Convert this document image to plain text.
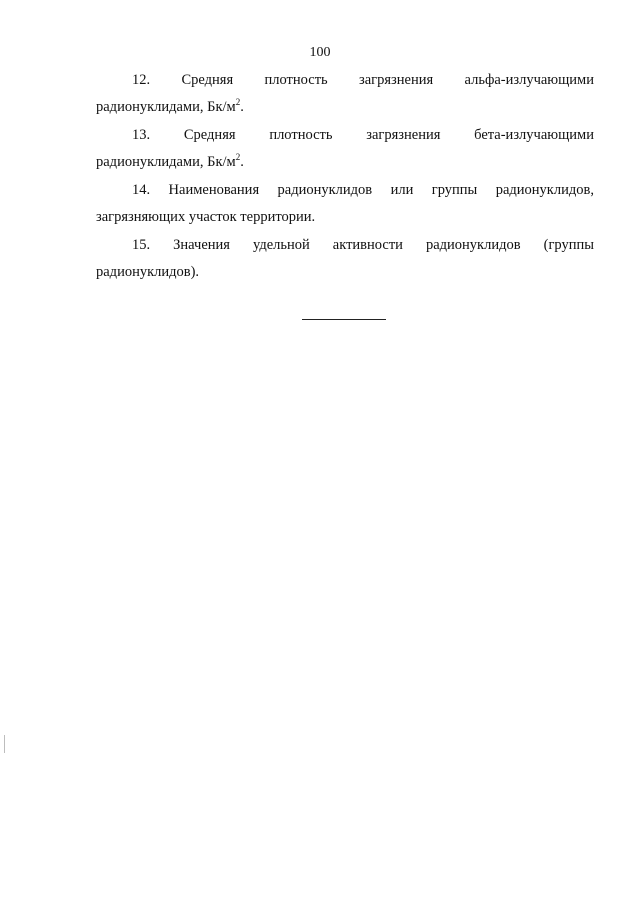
100
12. Средняя плотность загрязнения альфа-излучающими
радионуклидами, $Бк/м^2$.
13. Средняя плотность загрязнения бета-излучающими
радионуклидами, $Бк/м^2$.
14. Наименования радионуклидов или группы радионуклидов,
загрязняющих участок территории.
15. Значения удельной активности радионуклидов (группы
радионуклидов).
